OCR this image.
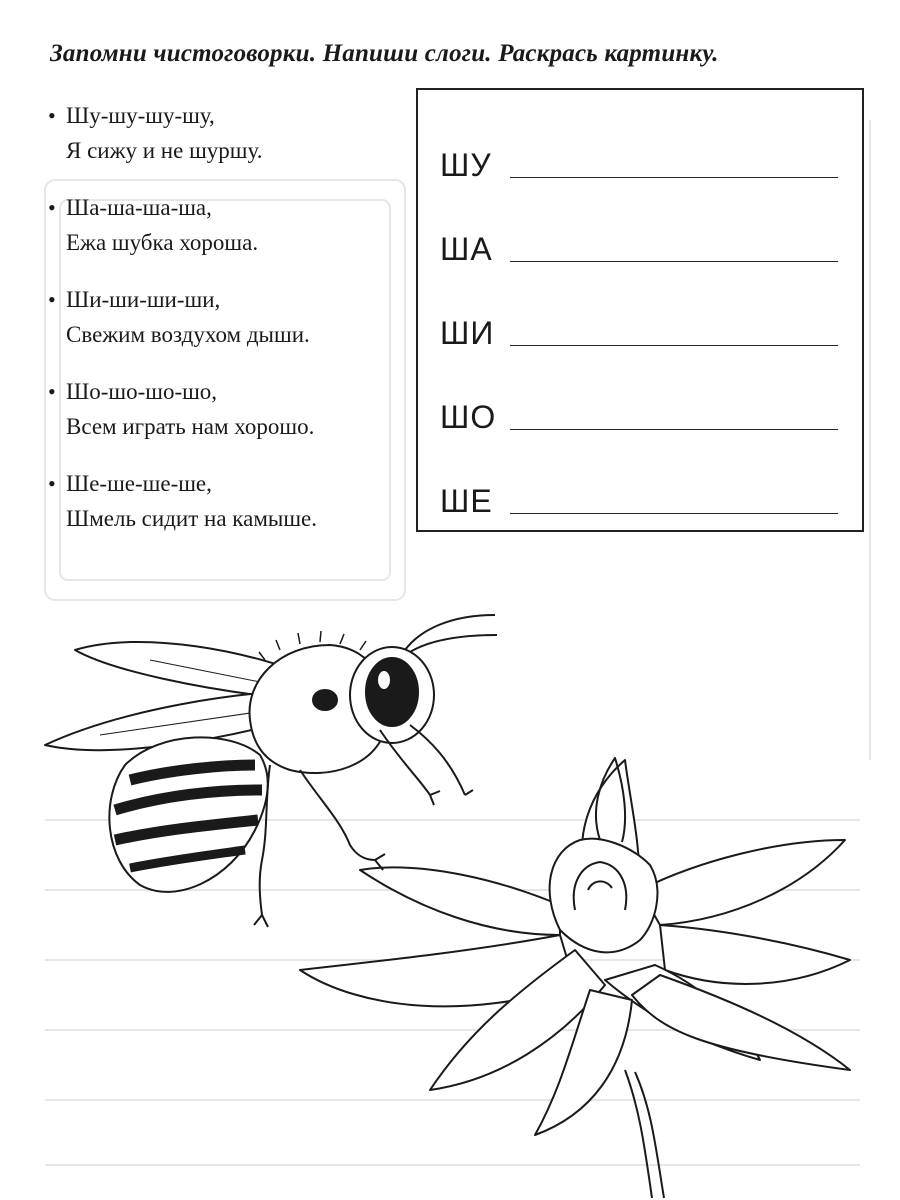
Запомни чистоговорки. Напиши слоги. Раскрась картинку.
• Шу-шу-шу-шу,
Я сижу и не шуршу.
• Ша-ша-ша-ша,
Ежа шубка хороша.
• Ши-ши-ши-ши,
Свежим воздухом дыши.
• Шо-шо-шо-шо,
Всем играть нам хорошо.
• Ше-ше-ше-ше,
Шмель сидит на камыше.
ШУ
ША
ШИ
ШО
ШЕ
